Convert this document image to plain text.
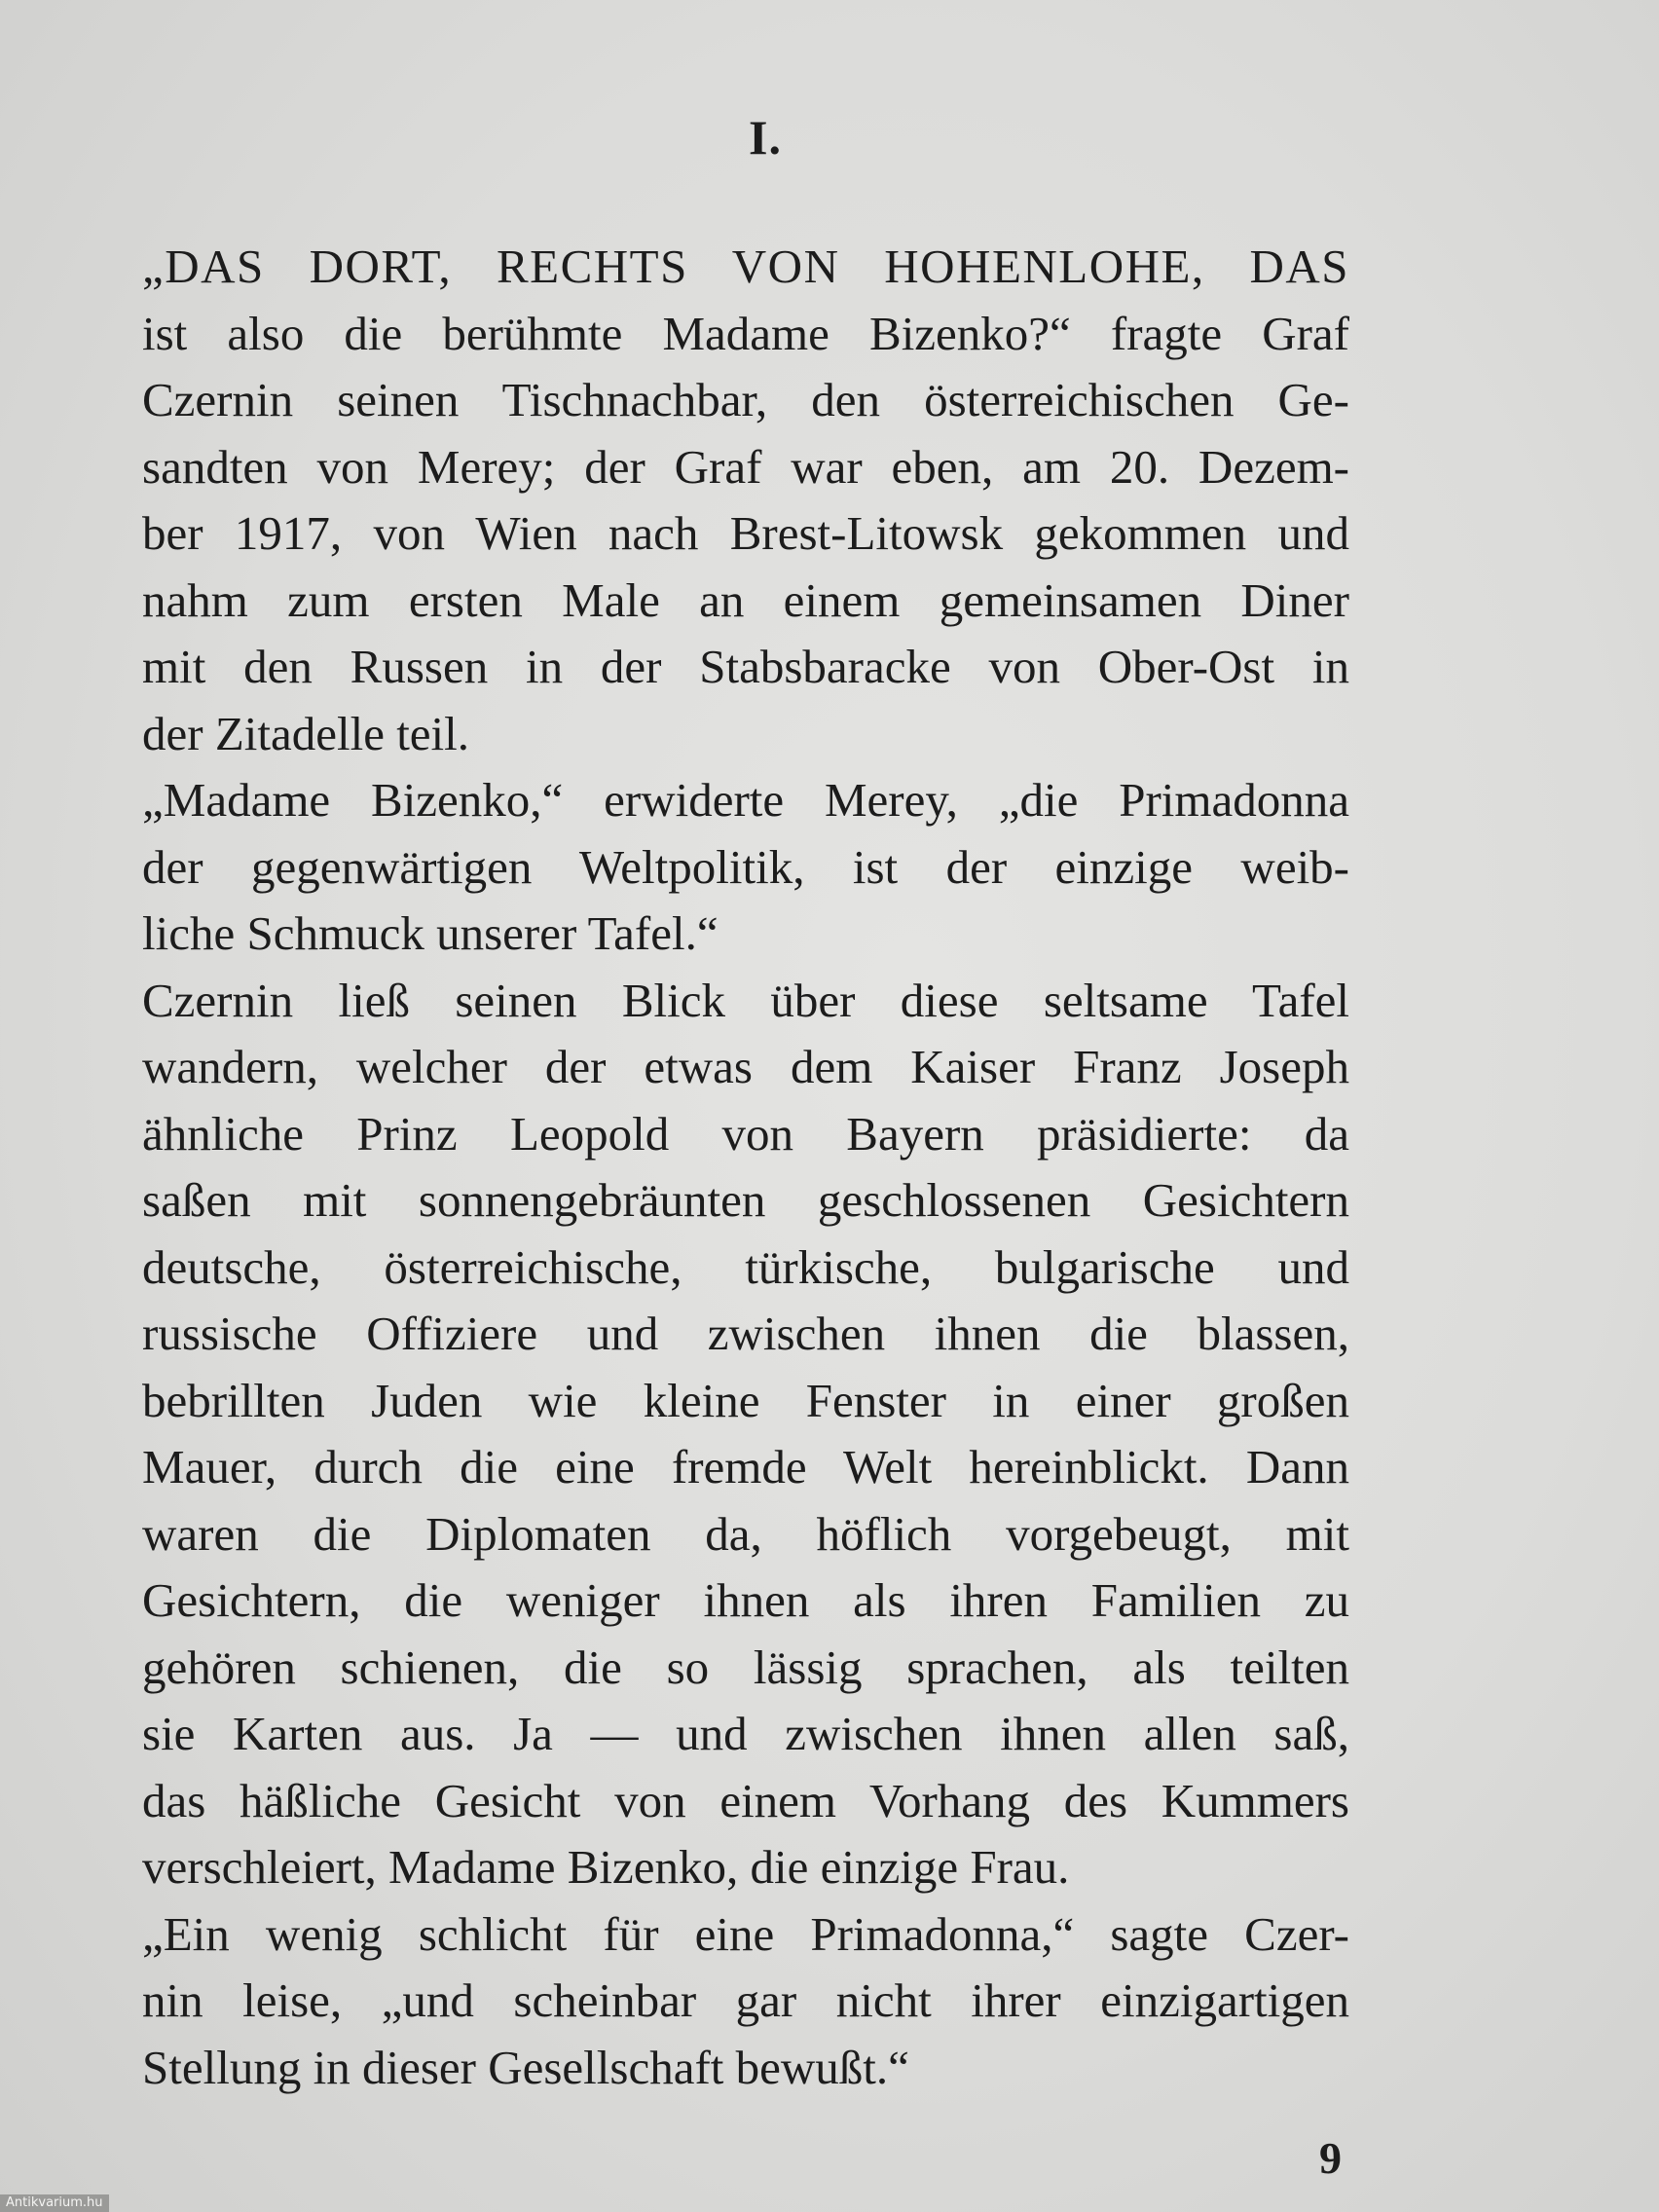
I.
„DAS DORT, RECHTS VON HOHENLOHE, DAS
ist also die berühmte Madame Bizenko?“ fragte Graf
Czernin seinen Tischnachbar, den österreichischen Ge-
sandten von Merey; der Graf war eben, am 20. Dezem-
ber 1917, von Wien nach Brest-Litowsk gekommen und
nahm zum ersten Male an einem gemeinsamen Diner
mit den Russen in der Stabsbaracke von Ober-Ost in
der Zitadelle teil.
„Madame Bizenko,“ erwiderte Merey, „die Primadonna
der gegenwärtigen Weltpolitik, ist der einzige weib-
liche Schmuck unserer Tafel.“
Czernin ließ seinen Blick über diese seltsame Tafel
wandern, welcher der etwas dem Kaiser Franz Joseph
ähnliche Prinz Leopold von Bayern präsidierte: da
saßen mit sonnengebräunten geschlossenen Gesichtern
deutsche, österreichische, türkische, bulgarische und
russische Offiziere und zwischen ihnen die blassen,
bebrillten Juden wie kleine Fenster in einer großen
Mauer, durch die eine fremde Welt hereinblickt. Dann
waren die Diplomaten da, höflich vorgebeugt, mit
Gesichtern, die weniger ihnen als ihren Familien zu
gehören schienen, die so lässig sprachen, als teilten
sie Karten aus. Ja — und zwischen ihnen allen saß,
das häßliche Gesicht von einem Vorhang des Kummers
verschleiert, Madame Bizenko, die einzige Frau.
„Ein wenig schlicht für eine Primadonna,“ sagte Czer-
nin leise, „und scheinbar gar nicht ihrer einzigartigen
Stellung in dieser Gesellschaft bewußt.“
9
Antikvarium.hu
